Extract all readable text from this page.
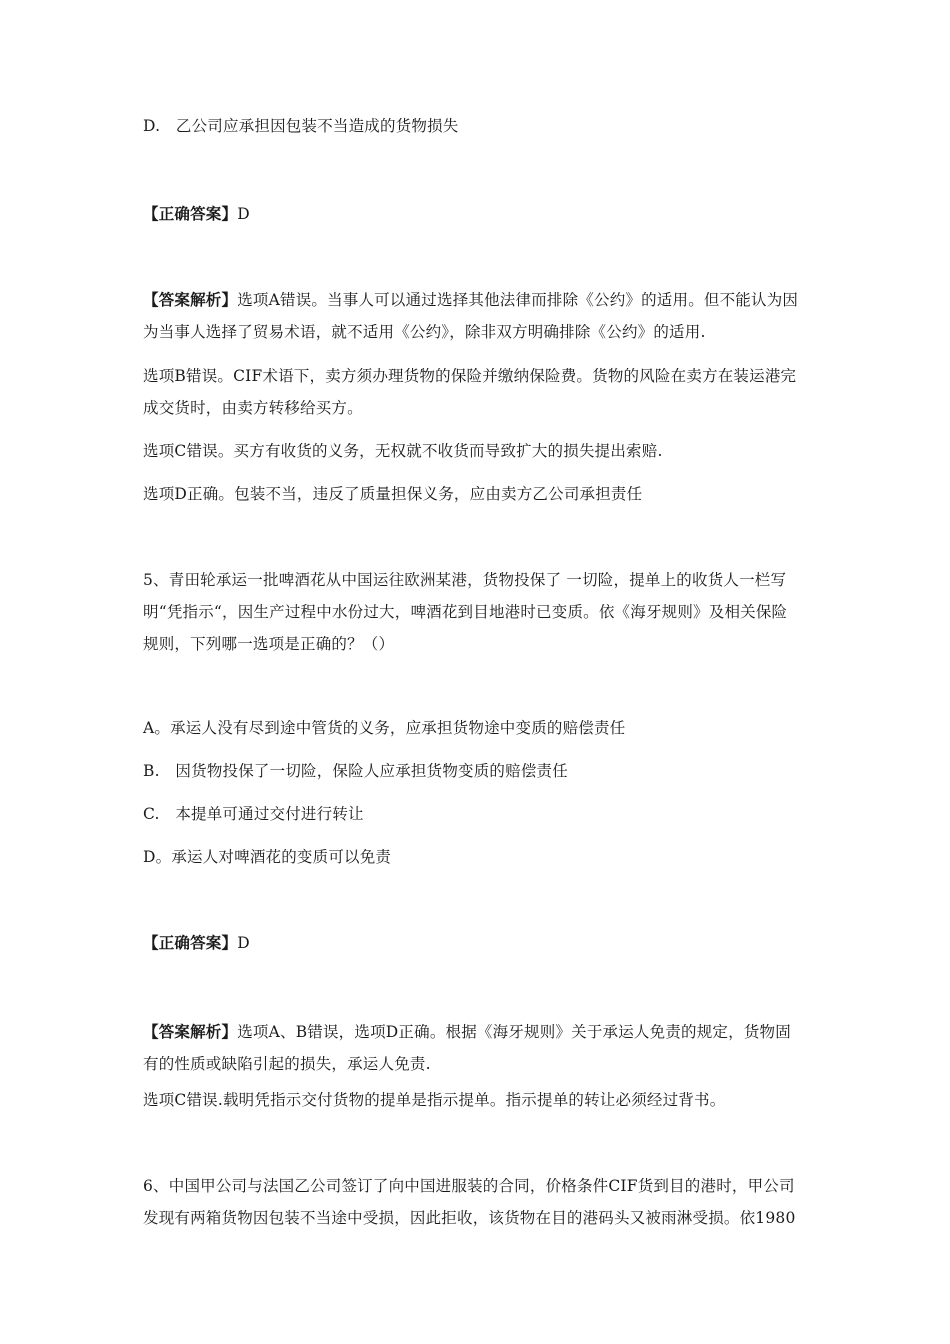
D.　乙公司应承担因包装不当造成的货物损失
【正确答案】D
【答案解析】选项A错误。当事人可以通过选择其他法律而排除《公约》的适用。但不能认为因
为当事人选择了贸易术语，就不适用《公约》，除非双方明确排除《公约》的适用.
选项B错误。CIF术语下，卖方须办理货物的保险并缴纳保险费。货物的风险在卖方在装运港完
成交货时，由卖方转移给买方。
选项C错误。买方有收货的义务，无权就不收货而导致扩大的损失提出索赔.
选项D正确。包装不当，违反了质量担保义务，应由卖方乙公司承担责任
5、青田轮承运一批啤酒花从中国运往欧洲某港，货物投保了 一切险，提单上的收货人一栏写
明“凭指示“，因生产过程中水份过大，啤酒花到目地港时已变质。依《海牙规则》及相关保险
规则，下列哪一选项是正确的？（）
A。承运人没有尽到途中管货的义务，应承担货物途中变质的赔偿责任
B.　因货物投保了一切险，保险人应承担货物变质的赔偿责任
C.　本提单可通过交付进行转让
D。承运人对啤酒花的变质可以免责
【正确答案】D
【答案解析】选项A、B错误，选项D正确。根据《海牙规则》关于承运人免责的规定，货物固
有的性质或缺陷引起的损失，承运人免责.
选项C错误.载明凭指示交付货物的提单是指示提单。指示提单的转让必须经过背书。
6、中国甲公司与法国乙公司签订了向中国进服装的合同，价格条件CIF货到目的港时，甲公司
发现有两箱货物因包装不当途中受损，因此拒收，该货物在目的港码头又被雨淋受损。依1980
